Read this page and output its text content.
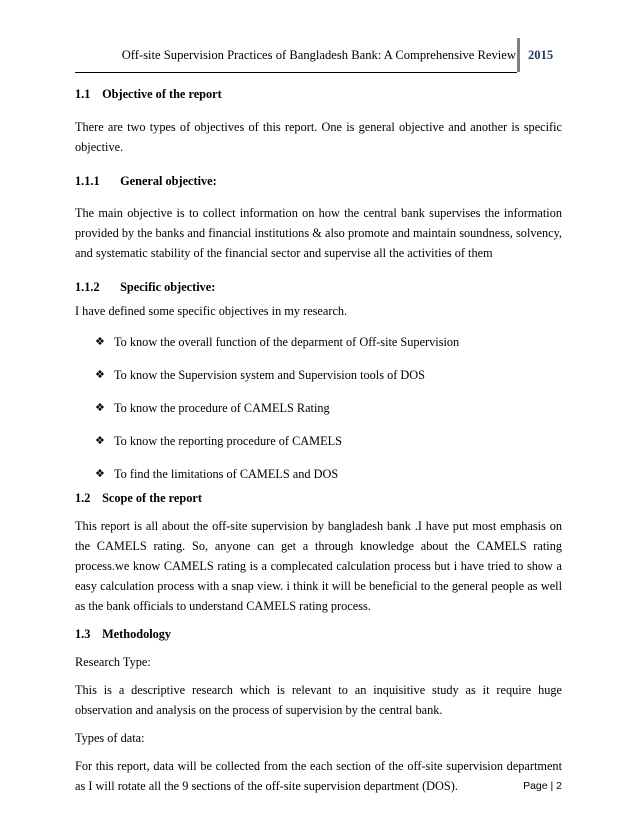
Off-site Supervision Practices of Bangladesh Bank: A Comprehensive Review 2015

1.1 Objective of the report

There are two types of objectives of this report. One is general objective and another is specific objective.

1.1.1 General objective:

The main objective is to collect information on how the central bank supervises the information provided by the banks and financial institutions & also promote and maintain soundness, solvency, and systematic stability of the financial sector and supervise all the activities of them

1.1.2 Specific objective:

I have defined some specific objectives in my research.

❖ To know the overall function of the deparment of Off-site Supervision
❖ To know the Supervision system and Supervision tools of DOS
❖ To know the procedure of CAMELS Rating
❖ To know the reporting procedure of CAMELS
❖ To find the limitations of CAMELS and DOS

1.2 Scope of the report

This report is all about the off-site supervision by bangladesh bank .I have put most emphasis on the CAMELS rating. So, anyone can get a through knowledge about the CAMELS rating process.we know CAMELS rating is a complecated calculation process but i have tried to show a easy calculation process with a snap view. i think it will be beneficial to the general people as well as the bank officials to understand CAMELS rating process.

1.3 Methodology

Research Type:

This is a descriptive research which is relevant to an inquisitive study as it require huge observation and analysis on the process of supervision by the central bank.

Types of data:

For this report, data will be collected from the each section of the off-site supervision department as I will rotate all the 9 sections of the off-site supervision department (DOS).	Page | 2
